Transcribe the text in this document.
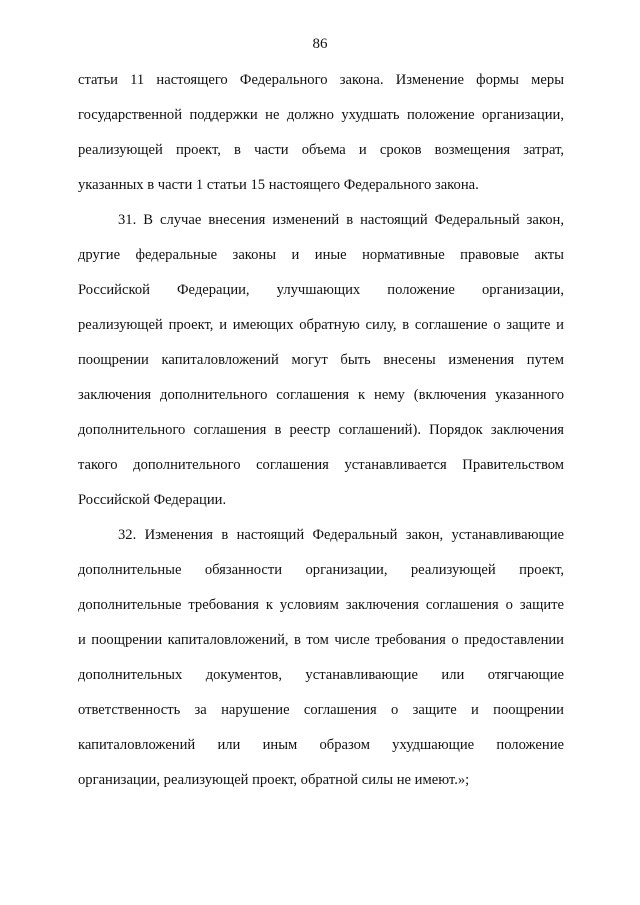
86
статьи 11 настоящего Федерального закона. Изменение формы меры
государственной поддержки не должно ухудшать положение организации,
реализующей проект, в части объема и сроков возмещения затрат,
указанных в части 1 статьи 15 настоящего Федерального закона.
31. В случае внесения изменений в настоящий Федеральный закон,
другие федеральные законы и иные нормативные правовые акты
Российской Федерации, улучшающих положение организации,
реализующей проект, и имеющих обратную силу, в соглашение о защите и
поощрении капиталовложений могут быть внесены изменения путем
заключения дополнительного соглашения к нему (включения указанного
дополнительного соглашения в реестр соглашений). Порядок заключения
такого дополнительного соглашения устанавливается Правительством
Российской Федерации.
32. Изменения в настоящий Федеральный закон, устанавливающие
дополнительные обязанности организации, реализующей проект,
дополнительные требования к условиям заключения соглашения о защите
и поощрении капиталовложений, в том числе требования о предоставлении
дополнительных документов, устанавливающие или отягчающие
ответственность за нарушение соглашения о защите и поощрении
капиталовложений или иным образом ухудшающие положение
организации, реализующей проект, обратной силы не имеют.»;
